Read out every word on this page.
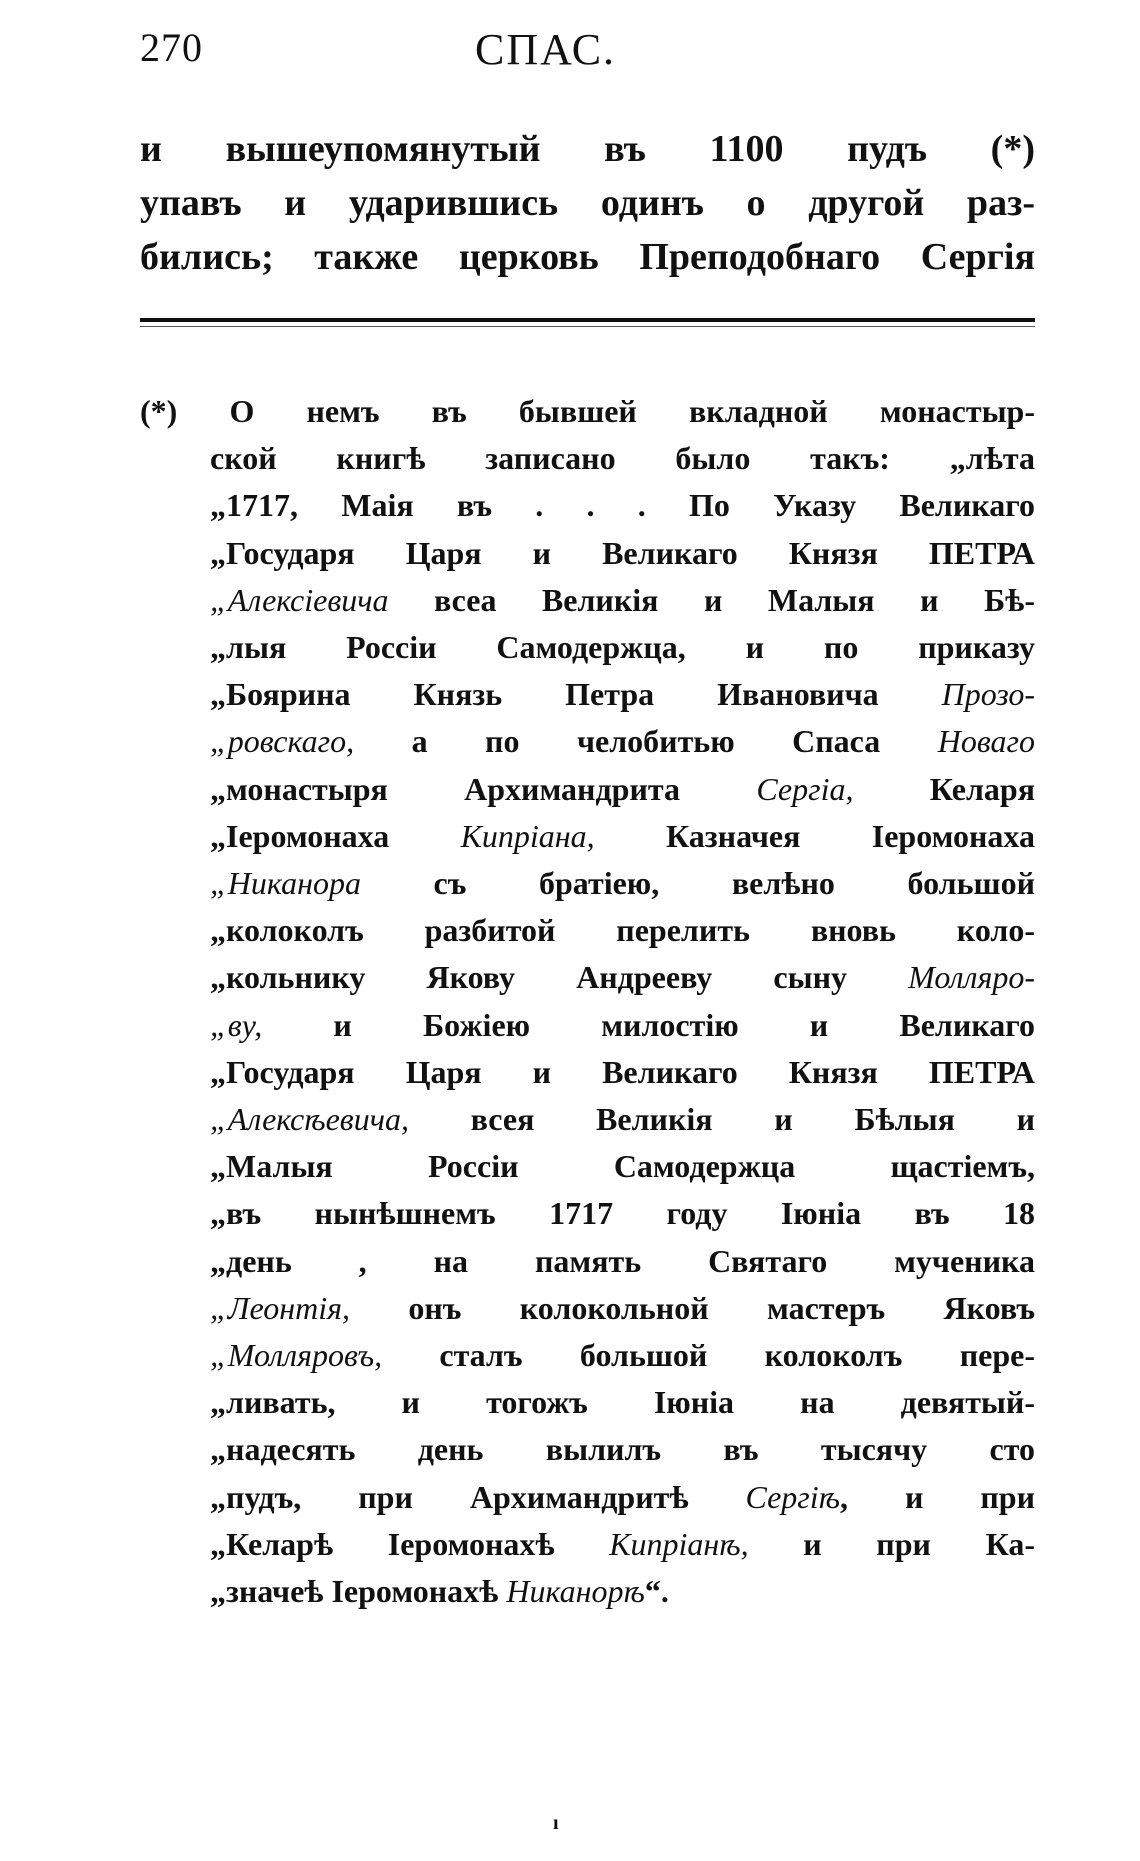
270	СПАС.
и вышеупомянутый въ 1100 пудъ (*)
упавъ и ударившись одинъ о другой раз-
бились; также церковь Преподобнаго Сергія
(*) О немъ въ бывшей вкладной монастыр-
ской книгѣ записано было такъ: „лѣта
„1717, Маія въ . . . По Указу Великаго
„Государя Царя и Великаго Князя ПЕТРА
„Алексіевича всеа Великія и Малыя и Бѣ-
„лыя Россіи Самодержца, и по приказу
„Боярина Князь Петра Ивановича Прозо-
„ровскаго, а по челобитью Спаса Новаго
„монастыря Архимандрита Сергіа, Келаря
„Іеромонаха Кипріана, Казначея Іеромонаха
„Никанора съ братіею, велѣно большой
„колоколъ разбитой перелить вновь коло-
„кольнику Якову Андрееву сыну Молляро-
„ву, и Божіею милостію и Великаго
„Государя Царя и Великаго Князя ПЕТРА
„Алексѣевича, всея Великія и Бѣлыя и
„Малыя Россіи Самодержца щастіемъ,
„въ нынѣшнемъ 1717 году Іюніа въ 18
„день , на память Святаго мученика
„Леонтія, онъ колокольной мастеръ Яковъ
„Молляровъ, сталъ большой колоколъ пере-
„ливать, и тогожъ Іюніа на девятый-
„надесять день вылилъ въ тысячу сто
„пудъ, при Архимандритѣ Сергіѣ, и при
„Келарѣ Іеромонахѣ Кипріанѣ, и при Ка-
„значеѣ Іеромонахѣ Никанорѣ“.
ı
